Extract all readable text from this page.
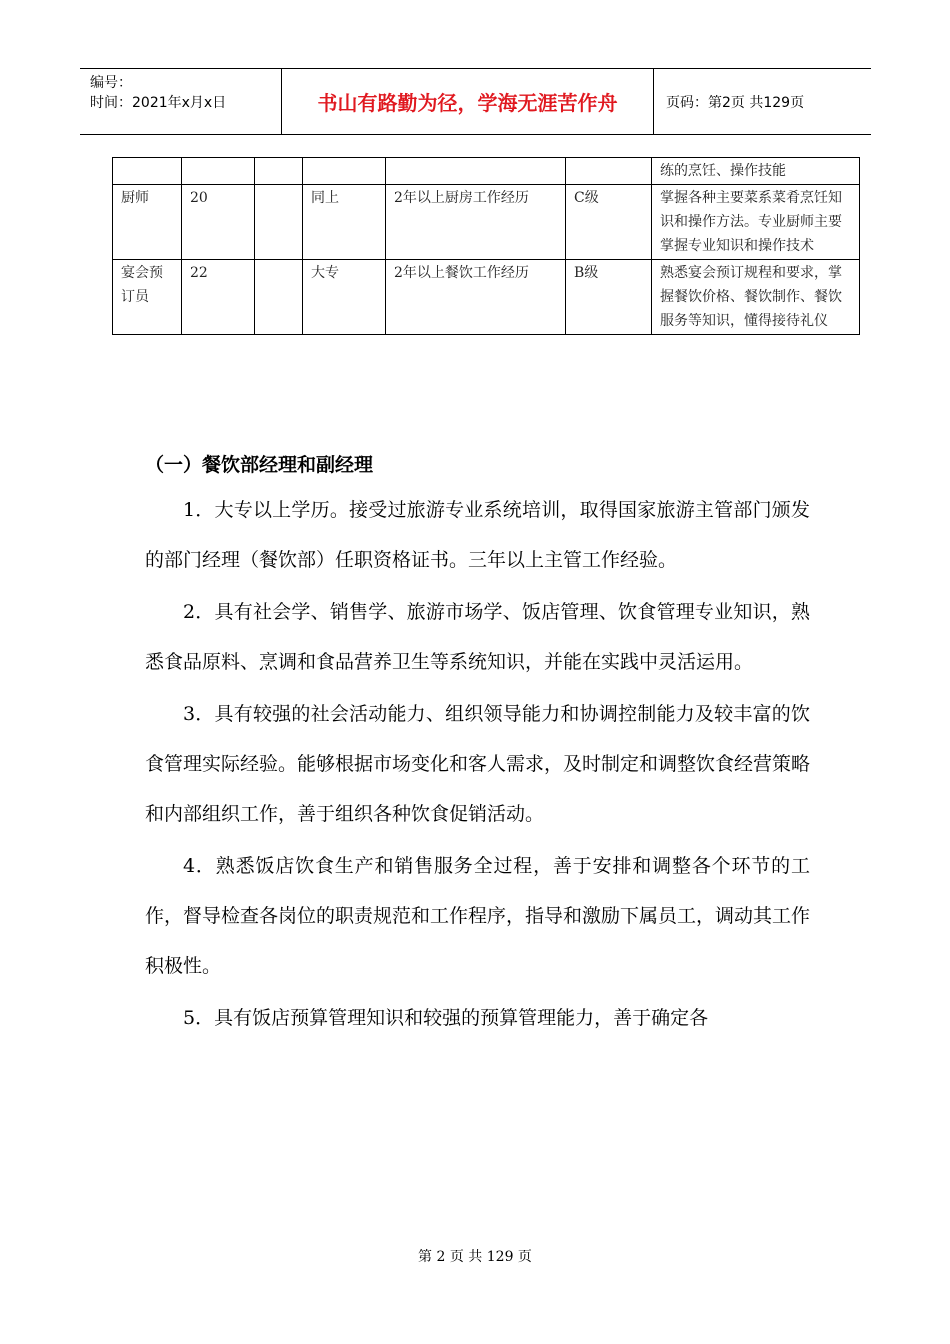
编号：
时间：2021年x月x日	书山有路勤为径，学海无涯苦作舟	页码：第2页 共129页
						练的烹饪、操作技能
厨师	20		同上	2年以上厨房工作经历	C级	掌握各种主要菜系菜肴烹饪知识和操作方法。专业厨师主要掌握专业知识和操作技术
宴会预订员	22		大专	2年以上餐饮工作经历	B级	熟悉宴会预订规程和要求，掌握餐饮价格、餐饮制作、餐饮服务等知识，懂得接待礼仪
（一）餐饮部经理和副经理

1．大专以上学历。接受过旅游专业系统培训，取得国家旅游主管部门颁发的部门经理（餐饮部）任职资格证书。三年以上主管工作经验。

2．具有社会学、销售学、旅游市场学、饭店管理、饮食管理专业知识，熟悉食品原料、烹调和食品营养卫生等系统知识，并能在实践中灵活运用。

3．具有较强的社会活动能力、组织领导能力和协调控制能力及较丰富的饮食管理实际经验。能够根据市场变化和客人需求，及时制定和调整饮食经营策略和内部组织工作，善于组织各种饮食促销活动。

4．熟悉饭店饮食生产和销售服务全过程，善于安排和调整各个环节的工作，督导检查各岗位的职责规范和工作程序，指导和激励下属员工，调动其工作积极性。

5．具有饭店预算管理知识和较强的预算管理能力，善于确定各

第 2 页 共 129 页
